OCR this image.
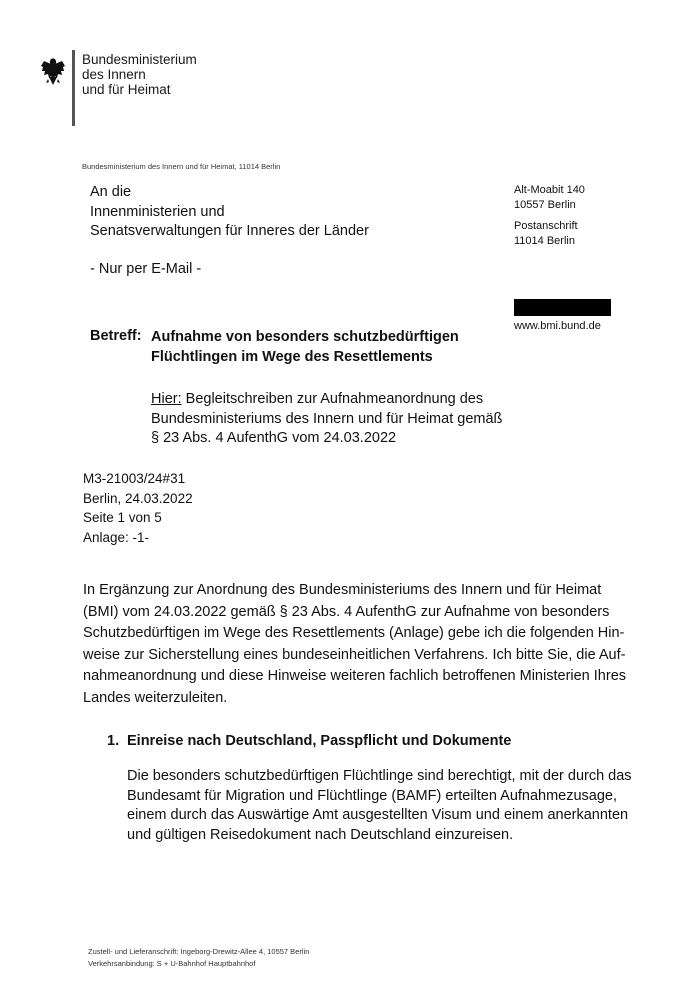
Bundesministerium
des Innern
und für Heimat
Bundesministerium des Innern und für Heimat, 11014 Berlin
An die
Innenministerien und
Senatsverwaltungen für Inneres der Länder
- Nur per E-Mail -
Alt-Moabit 140
10557 Berlin
Postanschrift
11014 Berlin
www.bmi.bund.de
Betreff: Aufnahme von besonders schutzbedürftigen
Flüchtlingen im Wege des Resettlements
Hier: Begleitschreiben zur Aufnahmeanordnung des
Bundesministeriums des Innern und für Heimat gemäß
§ 23 Abs. 4 AufenthG vom 24.03.2022
M3-21003/24#31
Berlin, 24.03.2022
Seite 1 von 5
Anlage: -1-
In Ergänzung zur Anordnung des Bundesministeriums des Innern und für Heimat
(BMI) vom 24.03.2022 gemäß § 23 Abs. 4 AufenthG zur Aufnahme von besonders
Schutzbedürftigen im Wege des Resettlements (Anlage) gebe ich die folgenden Hin-
weise zur Sicherstellung eines bundeseinheitlichen Verfahrens. Ich bitte Sie, die Auf-
nahmeanordnung und diese Hinweise weiteren fachlich betroffenen Ministerien Ihres
Landes weiterzuleiten.
1. Einreise nach Deutschland, Passpflicht und Dokumente
Die besonders schutzbedürftigen Flüchtlinge sind berechtigt, mit der durch das
Bundesamt für Migration und Flüchtlinge (BAMF) erteilten Aufnahmezusage,
einem durch das Auswärtige Amt ausgestellten Visum und einem anerkannten
und gültigen Reisedokument nach Deutschland einzureisen.
Zustell- und Lieferanschrift: Ingeborg-Drewitz-Allee 4, 10557 Berlin
Verkehrsanbindung: S + U-Bahnhof Hauptbahnhof
